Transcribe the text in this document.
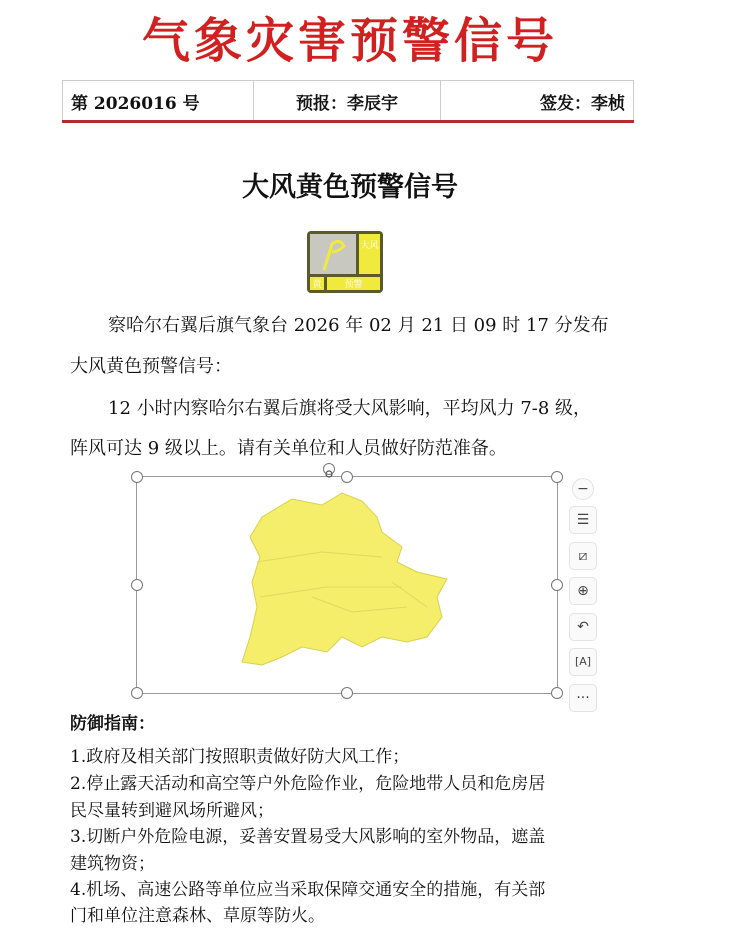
气象灾害预警信号
第 2026016 号	预报：李辰宇	签发：李桢
大风黄色预警信号
大风
黄	预警
察哈尔右翼后旗气象台 2026 年 02 月 21 日 09 时 17 分发布
大风黄色预警信号：
12 小时内察哈尔右翼后旗将受大风影响，平均风力 7-8 级，
阵风可达 9 级以上。请有关单位和人员做好防范准备。
−
☰
⧄
⊕
↶
[A]
···
防御指南：
1.政府及相关部门按照职责做好防大风工作；
2.停止露天活动和高空等户外危险作业，危险地带人员和危房居
民尽量转到避风场所避风；
3.切断户外危险电源，妥善安置易受大风影响的室外物品，遮盖
建筑物资；
4.机场、高速公路等单位应当采取保障交通安全的措施，有关部
门和单位注意森林、草原等防火。
